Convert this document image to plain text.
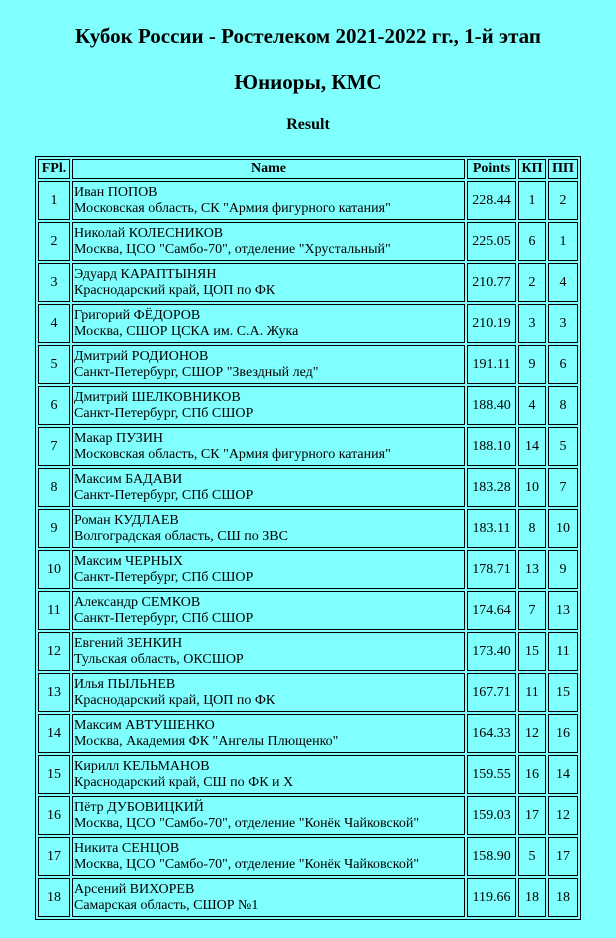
Кубок России - Ростелеком 2021-2022 гг., 1-й этап
Юниоры, КМС
Result
FPl.	Name	Points	КП	ПП
1	Иван ПОПОВ
Московская область, СК "Армия фигурного катания"	228.44	1	2
2	Николай КОЛЕСНИКОВ
Москва, ЦСО "Самбо-70", отделение "Хрустальный"	225.05	6	1
3	Эдуард КАРАПТЫНЯН
Краснодарский край, ЦОП по ФК	210.77	2	4
4	Григорий ФЁДОРОВ
Москва, СШОР ЦСКА им. С.А. Жука	210.19	3	3
5	Дмитрий РОДИОНОВ
Санкт-Петербург, СШОР "Звездный лед"	191.11	9	6
6	Дмитрий ШЕЛКОВНИКОВ
Санкт-Петербург, СПб СШОР	188.40	4	8
7	Макар ПУЗИН
Московская область, СК "Армия фигурного катания"	188.10	14	5
8	Максим БАДАВИ
Санкт-Петербург, СПб СШОР	183.28	10	7
9	Роман КУДЛАЕВ
Волгоградская область, СШ по ЗВС	183.11	8	10
10	Максим ЧЕРНЫХ
Санкт-Петербург, СПб СШОР	178.71	13	9
11	Александр СЕМКОВ
Санкт-Петербург, СПб СШОР	174.64	7	13
12	Евгений ЗЕНКИН
Тульская область, ОКСШОР	173.40	15	11
13	Илья ПЫЛЬНЕВ
Краснодарский край, ЦОП по ФК	167.71	11	15
14	Максим АВТУШЕНКО
Москва, Академия ФК "Ангелы Плющенко"	164.33	12	16
15	Кирилл КЕЛЬМАНОВ
Краснодарский край, СШ по ФК и Х	159.55	16	14
16	Пётр ДУБОВИЦКИЙ
Москва, ЦСО "Самбо-70", отделение "Конёк Чайковской"	159.03	17	12
17	Никита СЕНЦОВ
Москва, ЦСО "Самбо-70", отделение "Конёк Чайковской"	158.90	5	17
18	Арсений ВИХОРЕВ
Самарская область, СШОР №1	119.66	18	18
